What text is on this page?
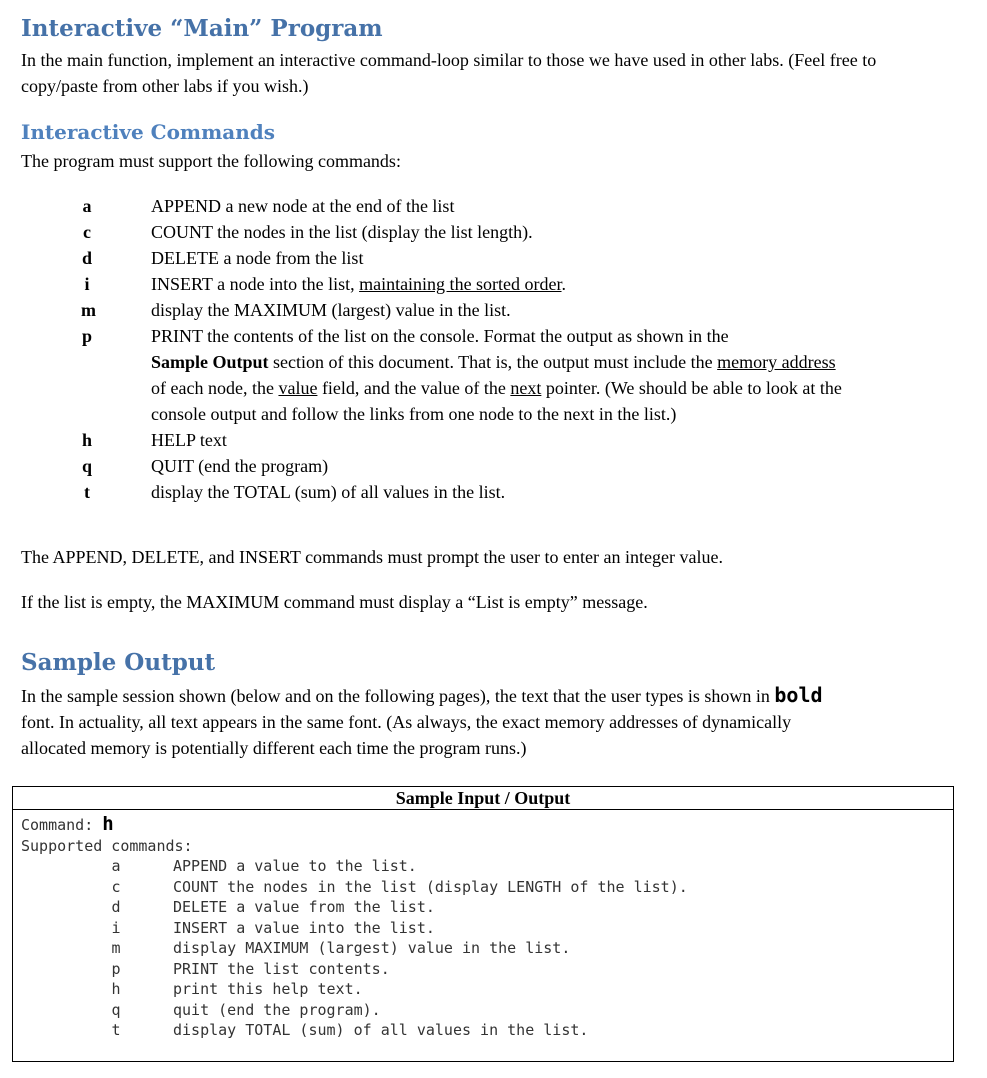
Interactive “Main” Program

In the main function, implement an interactive command-loop similar to those we have used in other labs. (Feel free to copy/paste from other labs if you wish.)

Interactive Commands

The program must support the following commands:

a	APPEND a new node at the end of the list
c	COUNT the nodes in the list (display the list length).
d	DELETE a node from the list
i	INSERT a node into the list, maintaining the sorted order.
m	display the MAXIMUM (largest) value in the list.
p	PRINT the contents of the list on the console. Format the output as shown in the
Sample Output section of this document. That is, the output must include the memory address
of each node, the value field, and the value of the next pointer. (We should be able to look at the
console output and follow the links from one node to the next in the list.)
h	HELP text
q	QUIT (end the program)
t	display the TOTAL (sum) of all values in the list.

The APPEND, DELETE, and INSERT commands must prompt the user to enter an integer value.

If the list is empty, the MAXIMUM command must display a “List is empty” message.

Sample Output

In the sample session shown (below and on the following pages), the text that the user types is shown in bold
font. In actuality, all text appears in the same font. (As always, the exact memory addresses of dynamically
allocated memory is potentially different each time the program runs.)

Sample Input / Output
Command: h
Supported commands:
a	APPEND a value to the list.
c	COUNT the nodes in the list (display LENGTH of the list).
d	DELETE a value from the list.
i	INSERT a value into the list.
m	display MAXIMUM (largest) value in the list.
p	PRINT the list contents.
h	print this help text.
q	quit (end the program).
t	display TOTAL (sum) of all values in the list.
